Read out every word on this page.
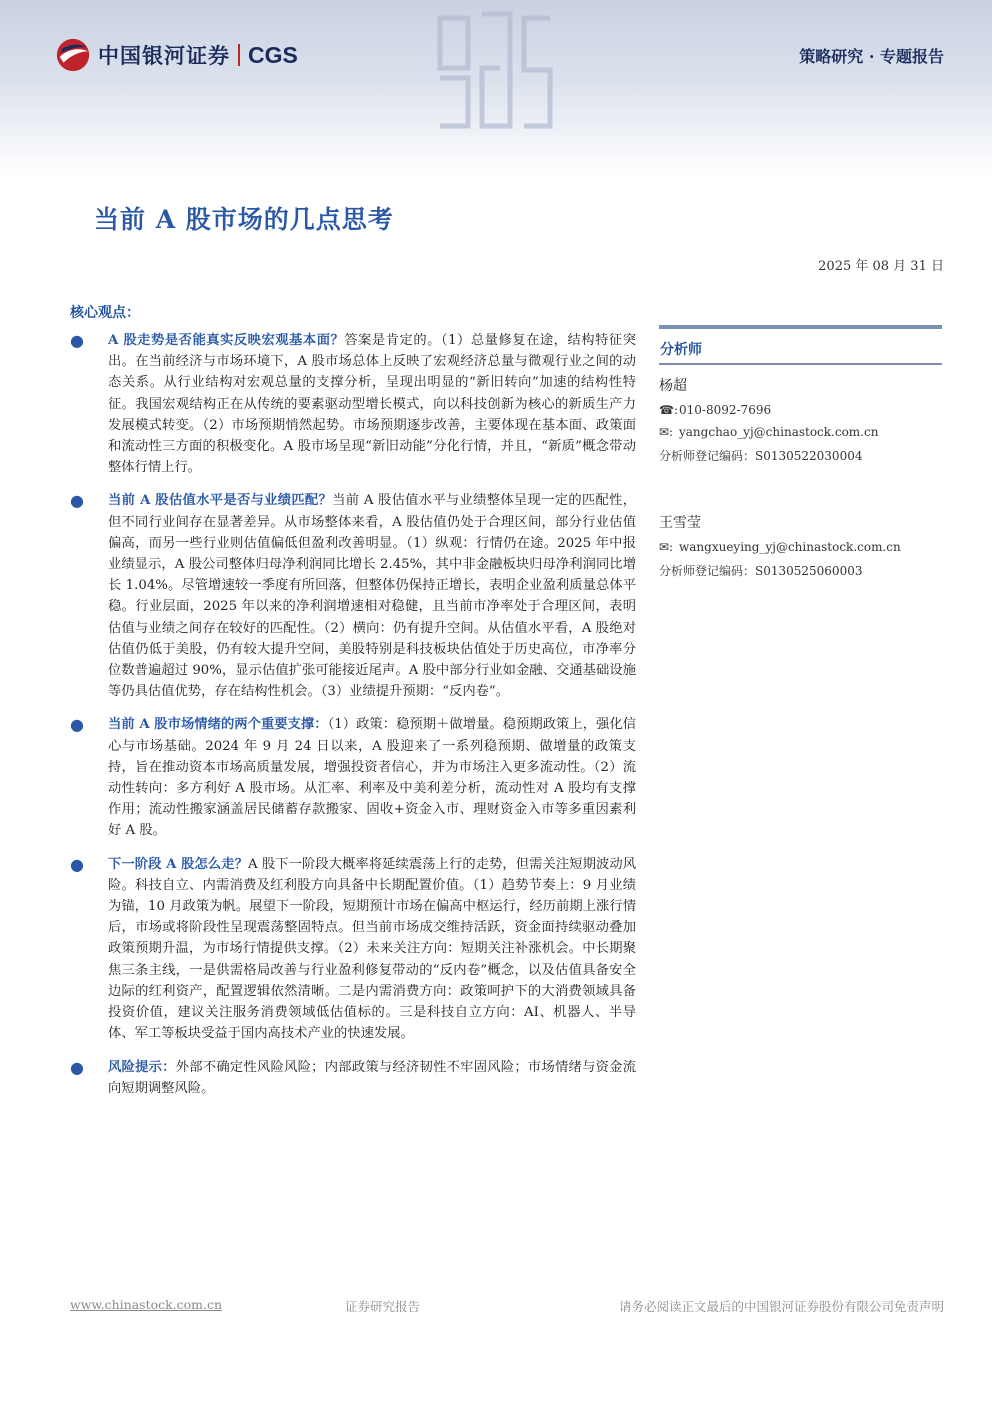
中国银河证券 CGS	策略研究 · 专题报告
当前 A 股市场的几点思考
2025 年 08 月 31 日
核心观点：
●	A 股走势是否能真实反映宏观基本面？答案是肯定的。（1）总量修复在途，结构特征突出。在当前经济与市场环境下，A 股市场总体上反映了宏观经济总量与微观行业之间的动态关系。从行业结构对宏观总量的支撑分析，呈现出明显的“新旧转向”加速的结构性特征。我国宏观结构正在从传统的要素驱动型增长模式，向以科技创新为核心的新质生产力发展模式转变。（2）市场预期悄然起势。市场预期逐步改善，主要体现在基本面、政策面和流动性三方面的积极变化。A 股市场呈现“新旧动能”分化行情，并且，“新质”概念带动整体行情上行。
●	当前 A 股估值水平是否与业绩匹配？当前 A 股估值水平与业绩整体呈现一定的匹配性，但不同行业间存在显著差异。从市场整体来看，A 股估值仍处于合理区间，部分行业估值偏高，而另一些行业则估值偏低但盈利改善明显。（1）纵观：行情仍在途。2025 年中报业绩显示，A 股公司整体归母净利润同比增长 2.45%，其中非金融板块归母净利润同比增长 1.04%。尽管增速较一季度有所回落，但整体仍保持正增长，表明企业盈利质量总体平稳。行业层面，2025 年以来的净利润增速相对稳健，且当前市净率处于合理区间，表明估值与业绩之间存在较好的匹配性。（2）横向：仍有提升空间。从估值水平看，A 股绝对估值仍低于美股，仍有较大提升空间，美股特别是科技板块估值处于历史高位，市净率分位数普遍超过 90%，显示估值扩张可能接近尾声。A 股中部分行业如金融、交通基础设施等仍具估值优势，存在结构性机会。（3）业绩提升预期：“反内卷”。
●	当前 A 股市场情绪的两个重要支撑：（1）政策：稳预期＋做增量。稳预期政策上，强化信心与市场基础。2024 年 9 月 24 日以来，A 股迎来了一系列稳预期、做增量的政策支持，旨在推动资本市场高质量发展，增强投资者信心，并为市场注入更多流动性。（2）流动性转向：多方利好 A 股市场。从汇率、利率及中美利差分析，流动性对 A 股均有支撑作用；流动性搬家涵盖居民储蓄存款搬家、固收+资金入市、理财资金入市等多重因素利好 A 股。
●	下一阶段 A 股怎么走？A 股下一阶段大概率将延续震荡上行的走势，但需关注短期波动风险。科技自立、内需消费及红利股方向具备中长期配置价值。（1）趋势节奏上：9 月业绩为锚，10 月政策为帆。展望下一阶段，短期预计市场在偏高中枢运行，经历前期上涨行情后，市场或将阶段性呈现震荡整固特点。但当前市场成交维持活跃，资金面持续驱动叠加政策预期升温，为市场行情提供支撑。（2）未来关注方向：短期关注补涨机会。中长期聚焦三条主线，一是供需格局改善与行业盈利修复带动的“反内卷”概念，以及估值具备安全边际的红利资产，配置逻辑依然清晰。二是内需消费方向：政策呵护下的大消费领域具备投资价值，建议关注服务消费领域低估值标的。三是科技自立方向：AI、机器人、半导体、军工等板块受益于国内高技术产业的快速发展。
●	风险提示：外部不确定性风险风险；内部政策与经济韧性不牢固风险；市场情绪与资金流向短期调整风险。
分析师
杨超
☎: 010-8092-7696
✉: yangchao_yj@chinastock.com.cn
分析师登记编码：S0130522030004
王雪莹
✉: wangxueying_yj@chinastock.com.cn
分析师登记编码：S0130525060003
www.chinastock.com.cn	证券研究报告	请务必阅读正文最后的中国银河证券股份有限公司免责声明
